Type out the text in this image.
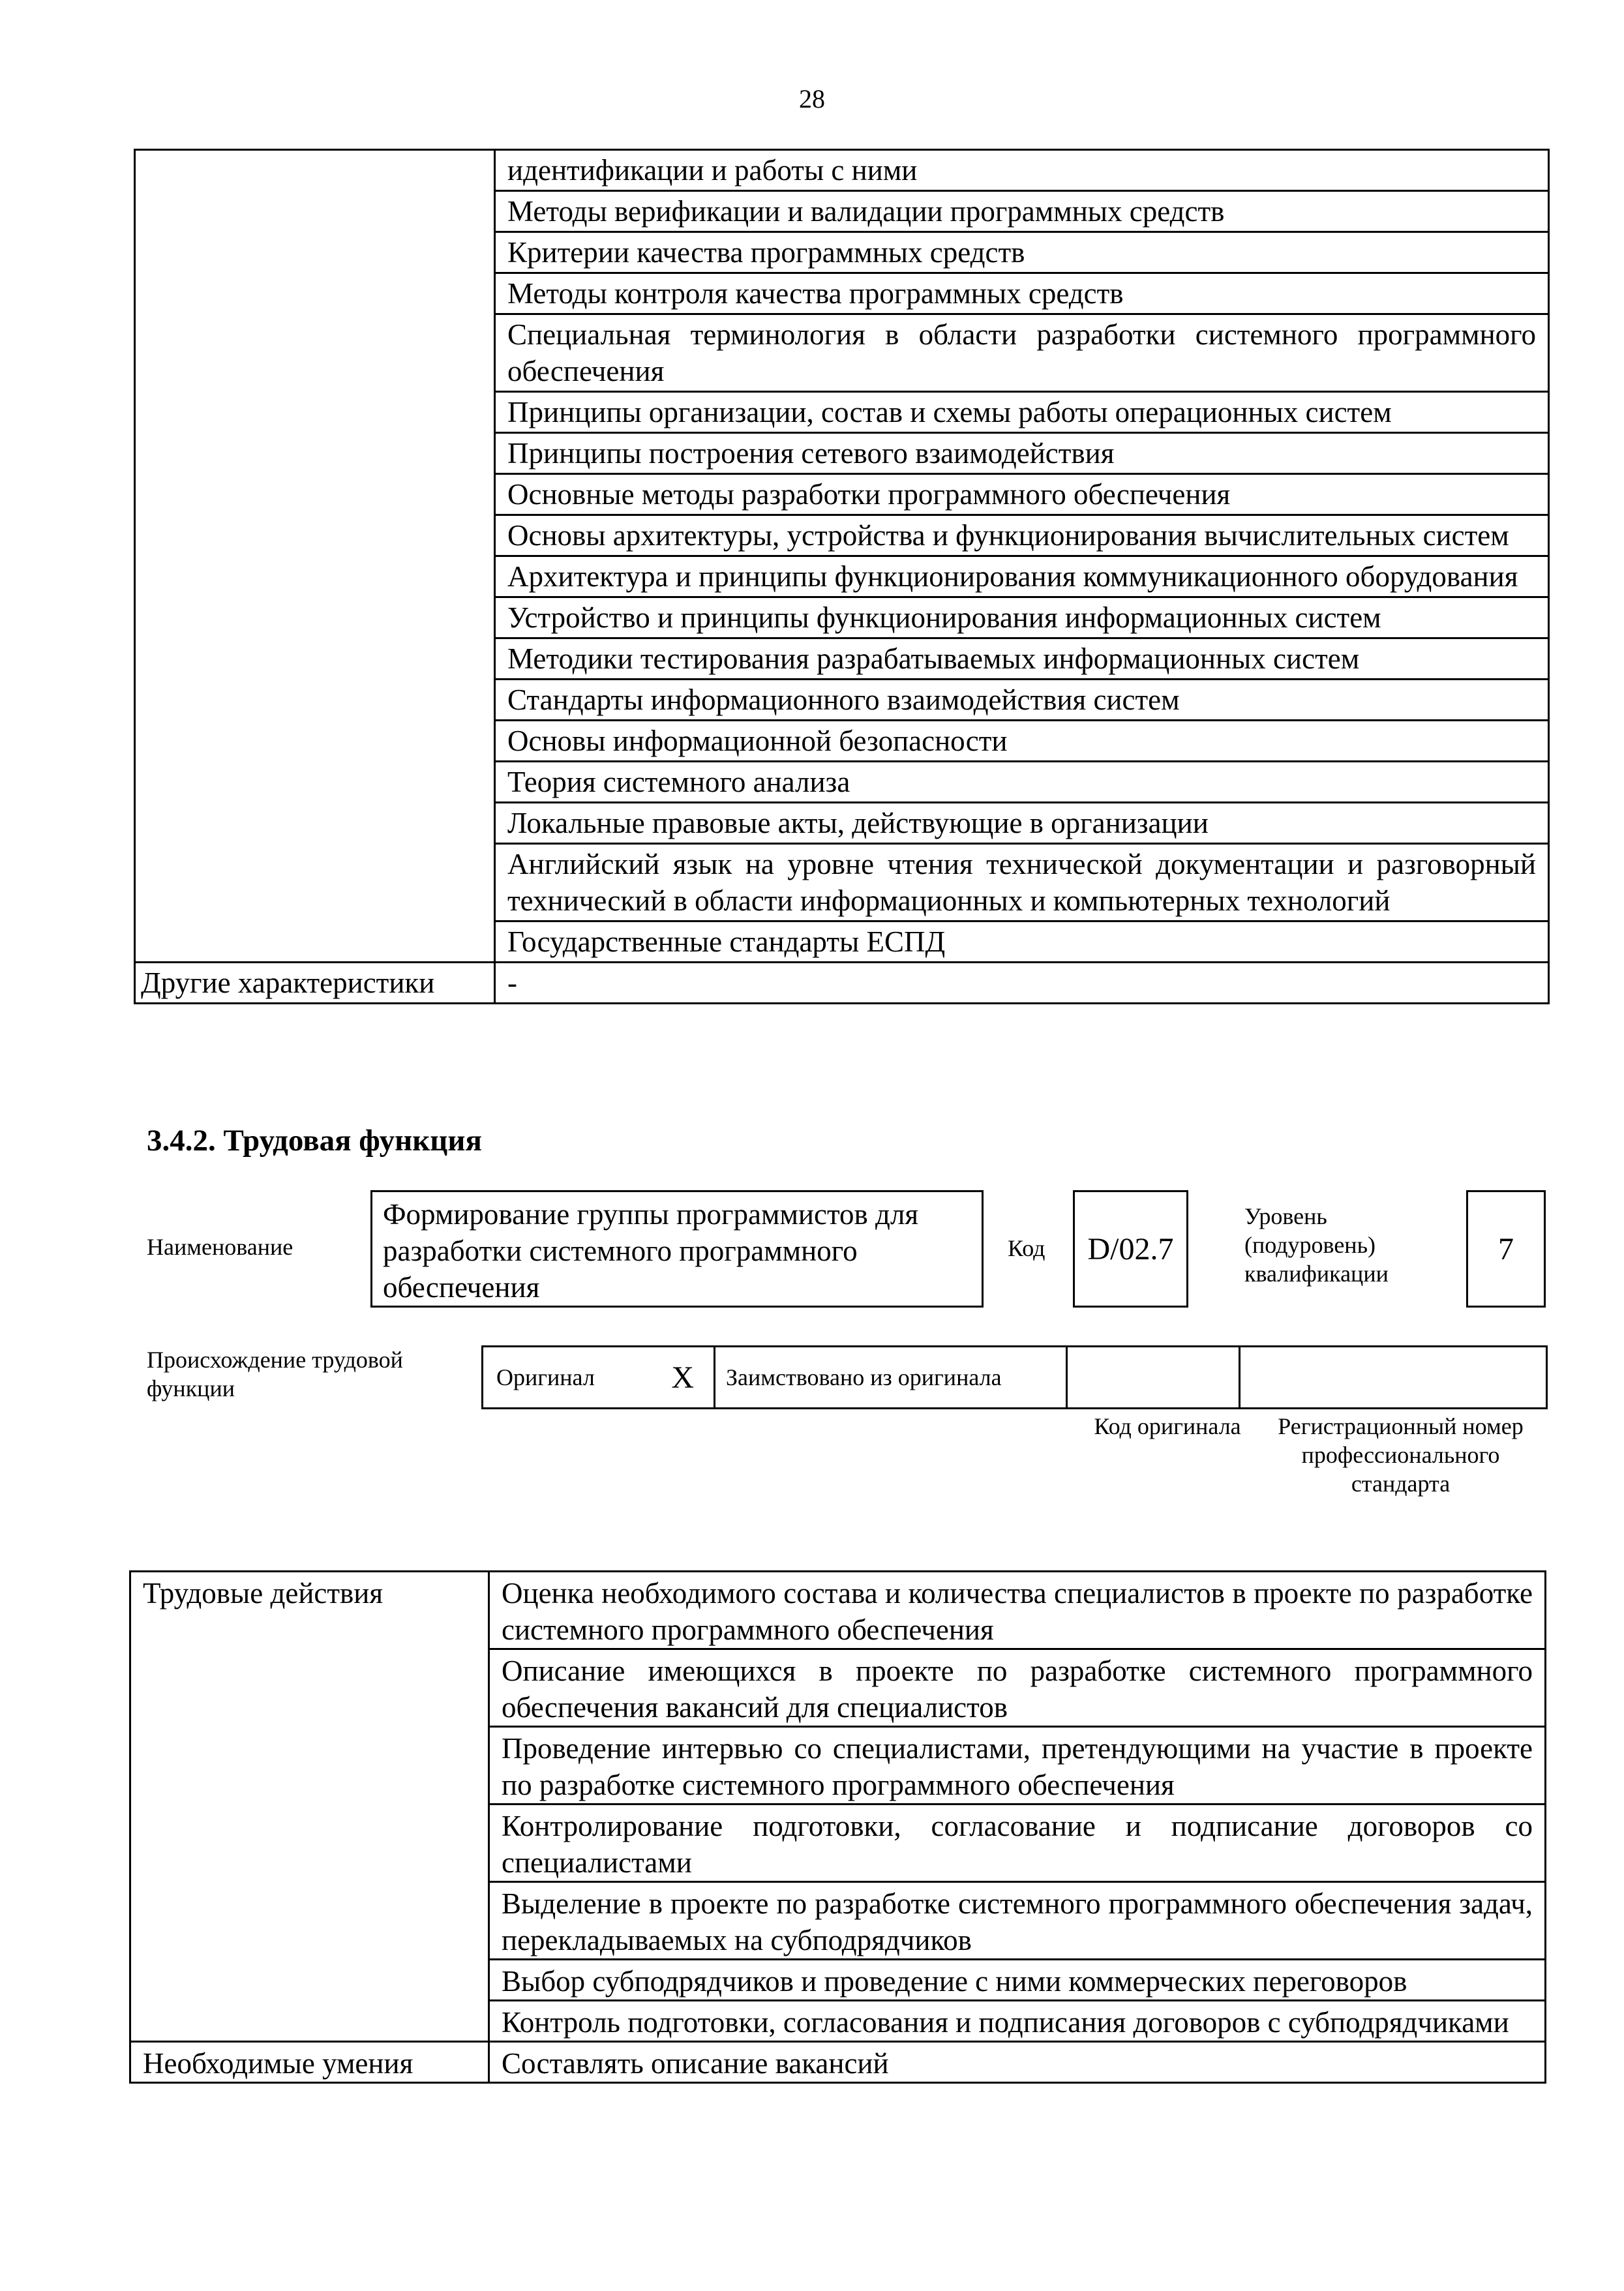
28
	идентификации и работы с ними
	Методы верификации и валидации программных средств
	Критерии качества программных средств
	Методы контроля качества программных средств
	Специальная терминология в области разработки системного программного обеспечения
	Принципы организации, состав и схемы работы операционных систем
	Принципы построения сетевого взаимодействия
	Основные методы разработки программного обеспечения
	Основы архитектуры, устройства и функционирования вычислительных систем
	Архитектура и принципы функционирования коммуникационного оборудования
	Устройство и принципы функционирования информационных систем
	Методики тестирования разрабатываемых информационных систем
	Стандарты информационного взаимодействия систем
	Основы информационной безопасности
	Теория системного анализа
	Локальные правовые акты, действующие в организации
	Английский язык на уровне чтения технической документации и разговорный технический в области информационных и компьютерных технологий
	Государственные стандарты ЕСПД
Другие характеристики	-
3.4.2. Трудовая функция
Наименование
Формирование группы программистов для разработки системного программного обеспечения
Код	D/02.7
Уровень (подуровень) квалификации
7
Происхождение трудовой функции	Оригинал	X	Заимствовано из оригинала		
Код оригинала	Регистрационный номер профессионального стандарта
Трудовые действия	Оценка необходимого состава и количества специалистов в проекте по разработке системного программного обеспечения
	Описание имеющихся в проекте по разработке системного программного обеспечения вакансий для специалистов
	Проведение интервью со специалистами, претендующими на участие в проекте по разработке системного программного обеспечения
	Контролирование подготовки, согласование и подписание договоров со специалистами
	Выделение в проекте по разработке системного программного обеспечения задач, перекладываемых на субподрядчиков
	Выбор субподрядчиков и проведение с ними коммерческих переговоров
	Контроль подготовки, согласования и подписания договоров с субподрядчиками
Необходимые умения	Составлять описание вакансий
